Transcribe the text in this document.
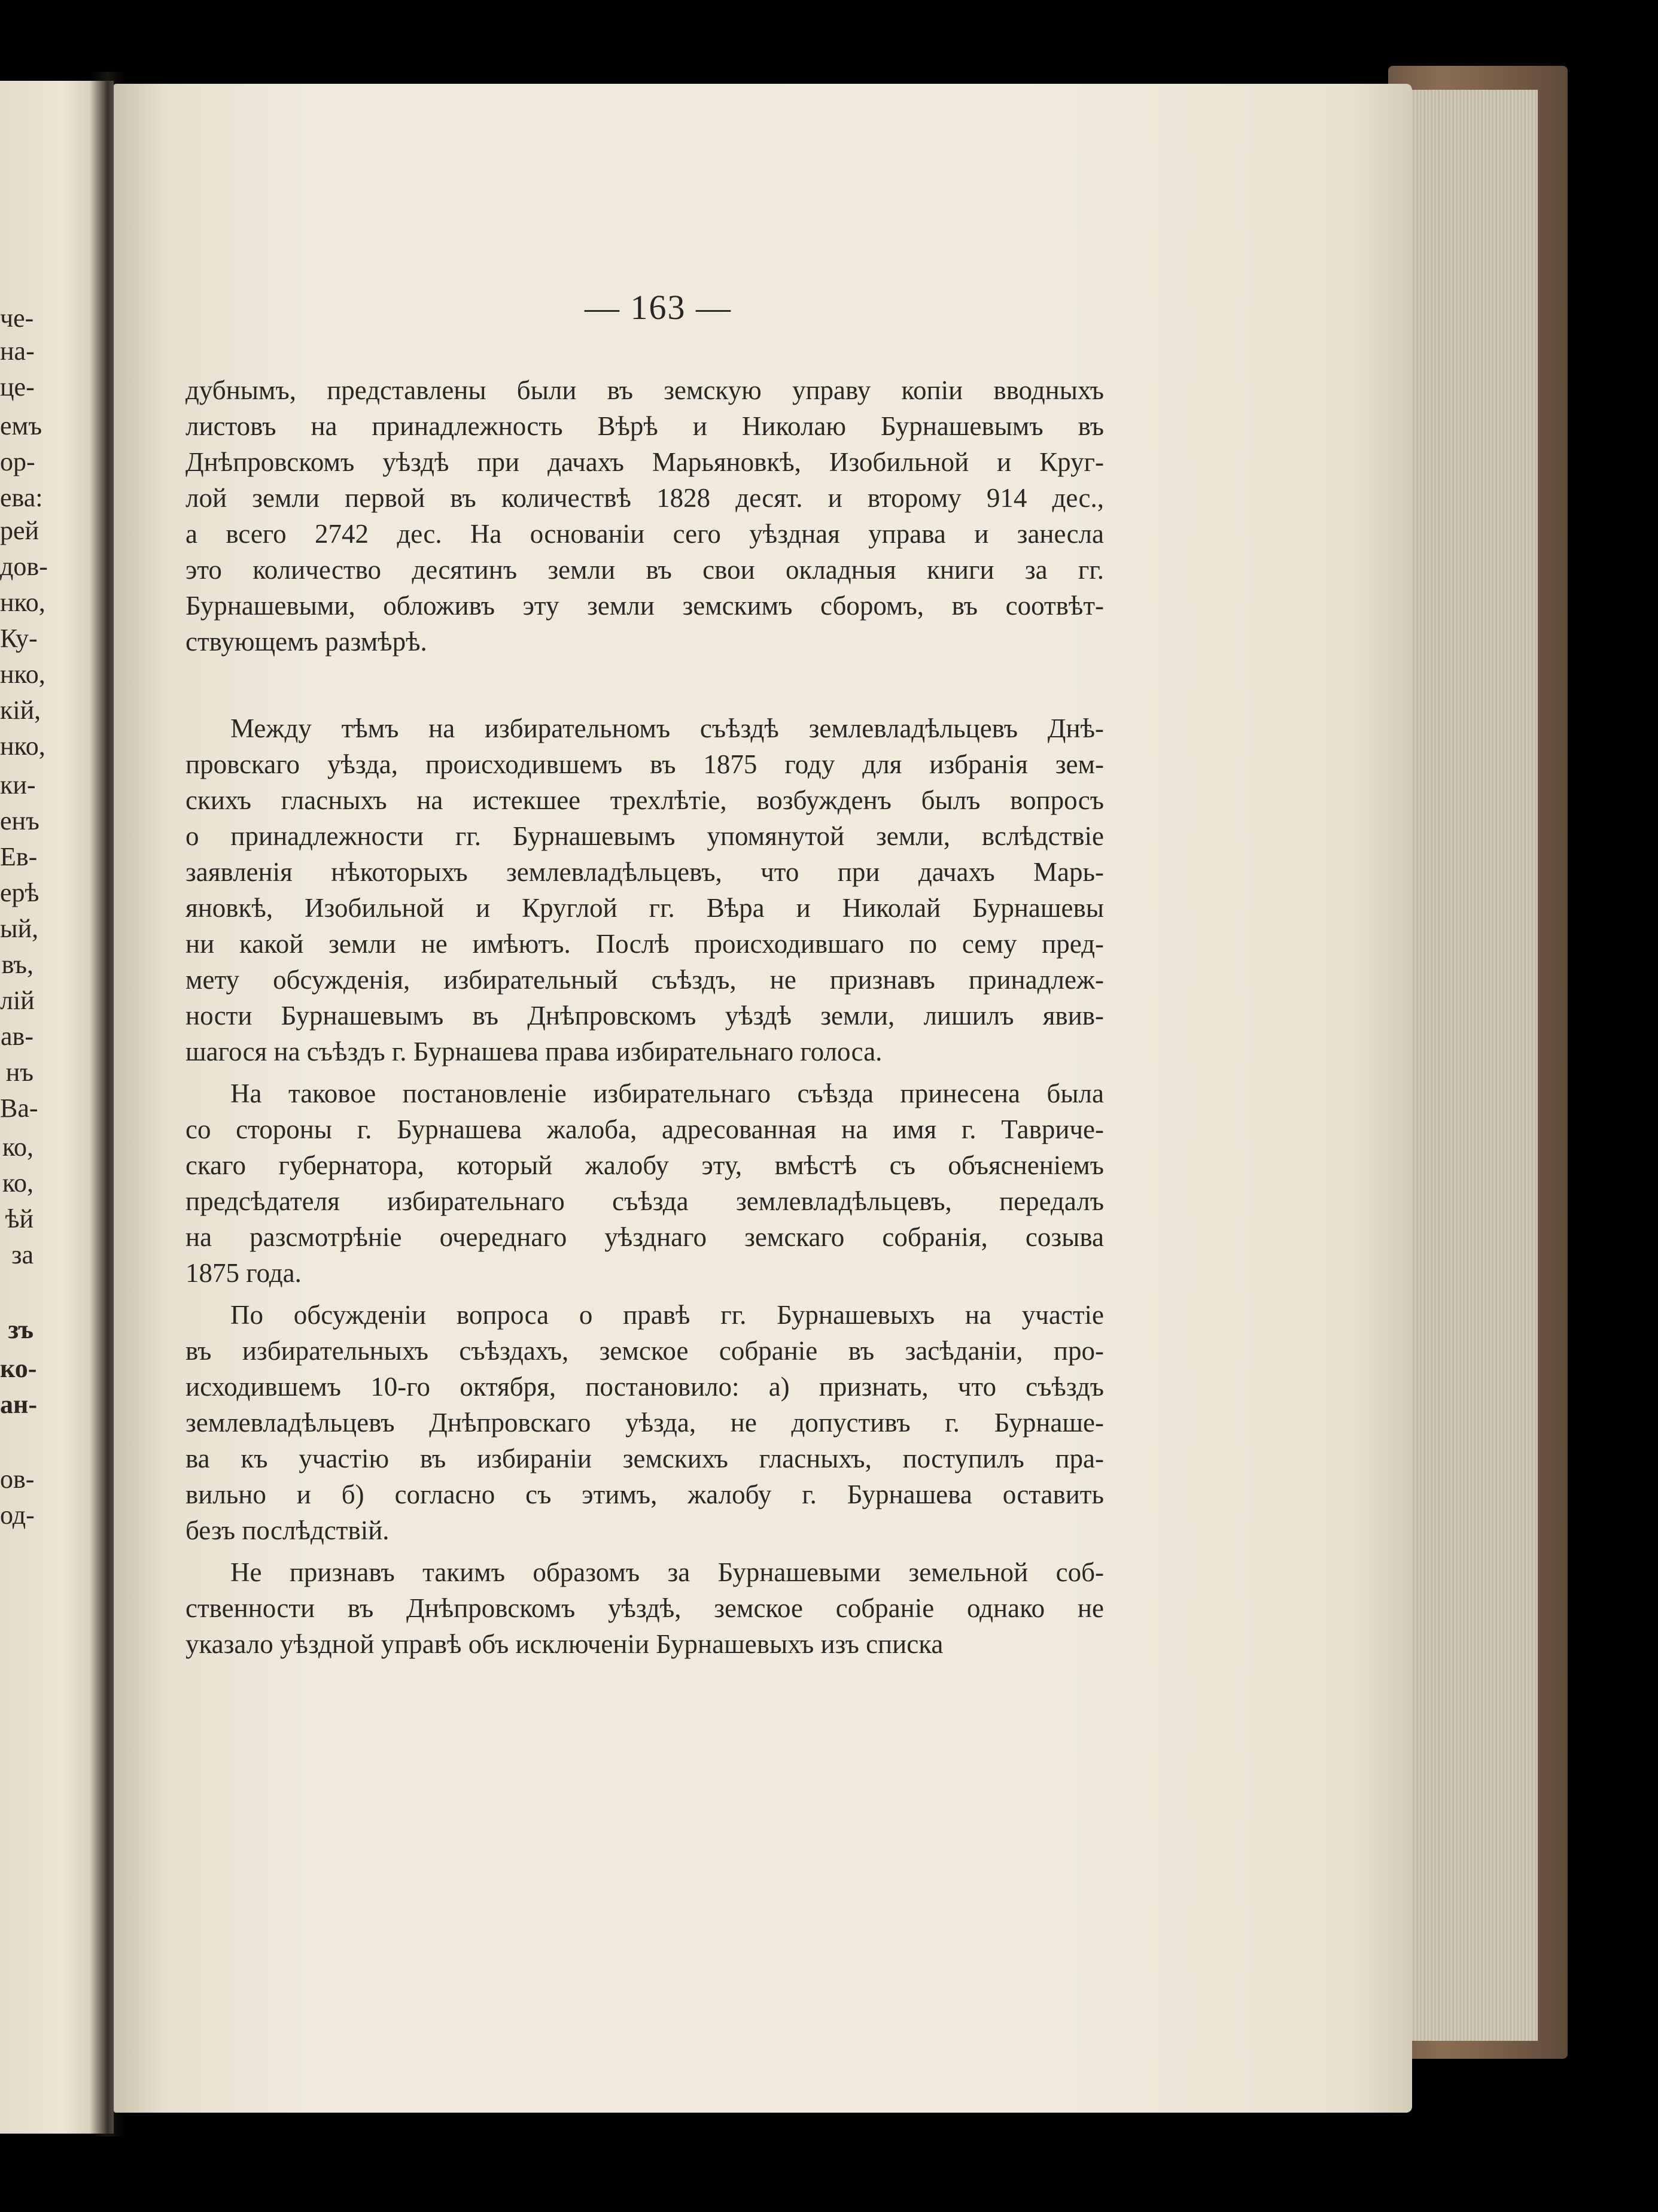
че-
на-
це-
емъ
ор-
ева:
рей
дов-
нко,
Ку-
нко,
кій,
нко,
ки-
енъ
Ев-
ерѣ
ый,
въ,
лій
ав-
нъ
Ва-
ко,
ко,
ѣй
за
зъ
ко-
ан-
ов-
од-
— 163 —
дубнымъ, представлены были въ земскую управу копіи вводныхъ
листовъ на принадлежность Вѣрѣ и Николаю Бурнашевымъ въ
Днѣпровскомъ уѣздѣ при дачахъ Марьяновкѣ, Изобильной и Круг-
лой земли первой въ количествѣ 1828 десят. и второму 914 дес.,
а всего 2742 дес. На основаніи сего уѣздная управа и занесла
это количество десятинъ земли въ свои окладныя книги за гг.
Бурнашевыми, обложивъ эту земли земскимъ сборомъ, въ соотвѣт-
ствующемъ размѣрѣ.
Между тѣмъ на избирательномъ съѣздѣ землевладѣльцевъ Днѣ-
провскаго уѣзда, происходившемъ въ 1875 году для избранія зем-
скихъ гласныхъ на истекшее трехлѣтіе, возбужденъ былъ вопросъ
о принадлежности гг. Бурнашевымъ упомянутой земли, вслѣдствіе
заявленія нѣкоторыхъ землевладѣльцевъ, что при дачахъ Марь-
яновкѣ, Изобильной и Круглой гг. Вѣра и Николай Бурнашевы
ни какой земли не имѣютъ. Послѣ происходившаго по сему пред-
мету обсужденія, избирательный съѣздъ, не признавъ принадлеж-
ности Бурнашевымъ въ Днѣпровскомъ уѣздѣ земли, лишилъ явив-
шагося на съѣздъ г. Бурнашева права избирательнаго голоса.
На таковое постановленіе избирательнаго съѣзда принесена была
со стороны г. Бурнашева жалоба, адресованная на имя г. Тавриче-
скаго губернатора, который жалобу эту, вмѣстѣ съ объясненіемъ
предсѣдателя избирательнаго съѣзда землевладѣльцевъ, передалъ
на разсмотрѣніе очереднаго уѣзднаго земскаго собранія, созыва
1875 года.
По обсужденіи вопроса о правѣ гг. Бурнашевыхъ на участіе
въ избирательныхъ съѣздахъ, земское собраніе въ засѣданіи, про-
исходившемъ 10-го октября, постановило: а) признать, что съѣздъ
землевладѣльцевъ Днѣпровскаго уѣзда, не допустивъ г. Бурнаше-
ва къ участію въ избираніи земскихъ гласныхъ, поступилъ пра-
вильно и б) согласно съ этимъ, жалобу г. Бурнашева оставить
безъ послѣдствій.
Не признавъ такимъ образомъ за Бурнашевыми земельной соб-
ственности въ Днѣпровскомъ уѣздѣ, земское собраніе однако не
указало уѣздной управѣ объ исключеніи Бурнашевыхъ изъ списка
